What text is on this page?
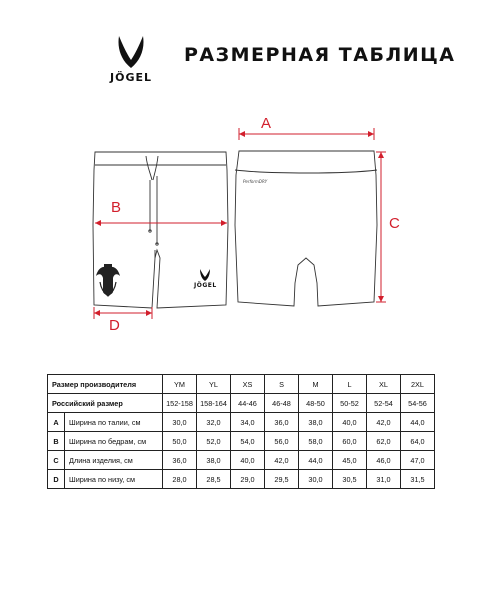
JÖGEL
РАЗМЕРНАЯ ТАБЛИЦА
A
B
C
D
PerformDRY
JÖGEL
Размер производителя		YM	YL	XS	S	M	L	XL	2XL
Российский размер		152-158	158-164	44-46	46-48	48-50	50-52	52-54	54-56
A	Ширина по талии, см	30,0	32,0	34,0	36,0	38,0	40,0	42,0	44,0
B	Ширина по бедрам, см	50,0	52,0	54,0	56,0	58,0	60,0	62,0	64,0
C	Длина изделия, см	36,0	38,0	40,0	42,0	44,0	45,0	46,0	47,0
D	Ширина по низу, см	28,0	28,5	29,0	29,5	30,0	30,5	31,0	31,5
